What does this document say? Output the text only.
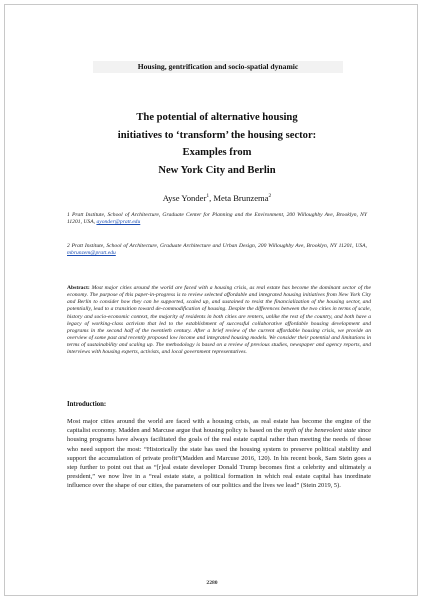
Housing, gentrification and socio-spatial dynamic
The potential of alternative housing
initiatives to ‘transform’ the housing sector:
Examples from
New York City and Berlin
Ayse Yonder$^1$, Meta Brunzema$^2$
1 Pratt Institute, School of Architecture, Graduate Center for Planning and the Environment, 200 Willoughby Ave, Brooklyn, NY 11201, USA, ayonder@pratt.edu
2 Pratt Institute, School of Architecture, Graduate Architecture and Urban Design, 200 Willoughby Ave, Brooklyn, NY 11201, USA, mbrunzem@pratt.edu
Abstract: Most major cities around the world are faced with a housing crisis, as real estate has become the dominant sector of the economy. The purpose of this paper-in-progress is to review selected affordable and integrated housing initiatives from New York City and Berlin to consider how they can be supported, scaled up, and sustained to resist the financialization of the housing sector, and potentially, lead to a transition toward de-commodification of housing. Despite the differences between the two cities in terms of scale, history and socio-economic context, the majority of residents in both cities are renters, unlike the rest of the country, and both have a legacy of working-class activism that led to the establishment of successful collaborative affordable housing development and programs in the second half of the twentieth century. After a brief review of the current affordable housing crisis, we provide an overview of some past and recently proposed low income and integrated housing models. We consider their potential and limitations in terms of sustainability and scaling up. The methodology is based on a review of previous studies, newspaper and agency reports, and interviews with housing experts, activists, and local government representatives.
Introduction:
Most major cities around the world are faced with a housing crisis, as real estate has become the engine of the capitalist economy. Madden and Marcuse argue that housing policy is based on the myth of the benevolent state since housing programs have always facilitated the goals of the real estate capital rather than meeting the needs of those who need support the most: “Historically the state has used the housing system to preserve political stability and support the accumulation of private profit”(Madden and Marcuse 2016, 120). In his recent book, Sam Stein goes a step further to point out that as “[r]eal estate developer Donald Trump becomes first a celebrity and ultimately a president,” we now live in a “real estate state, a political formation in which real estate capital has inordinate influence over the shape of our cities, the parameters of our politics and the lives we lead” (Stein 2019, 5).
2280
